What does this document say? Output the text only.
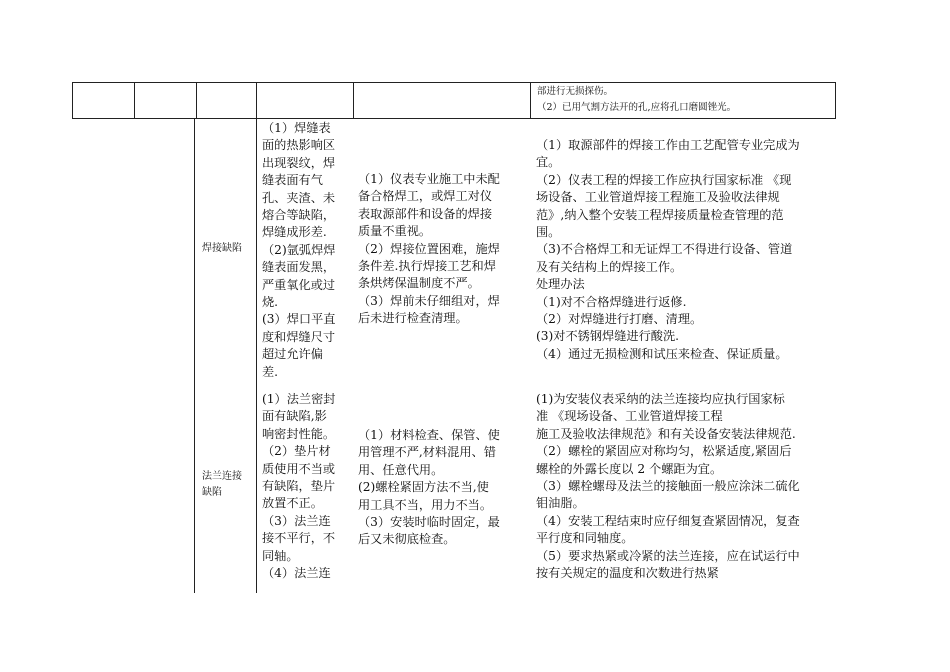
部进行无损探伤。
（2）已用气割方法开的孔,应将孔口磨圆锉光。
焊接缺陷
（1）焊缝表
面的热影响区
出现裂纹，焊
缝表面有气
孔、夹渣、未
熔合等缺陷，
焊缝成形差.
（2)氩弧焊焊
缝表面发黑，
严重氧化或过
烧.
(3）焊口平直
度和焊缝尺寸
超过允许偏
差.
（1）仪表专业施工中未配
备合格焊工，或焊工对仪
表取源部件和设备的焊接
质量不重视。
（2）焊接位置困难，施焊
条件差.执行焊接工艺和焊
条烘烤保温制度不严。
（3）焊前未仔细组对，焊
后未进行检查清理。
（1）取源部件的焊接工作由工艺配管专业完成为
宜。
（2）仪表工程的焊接工作应执行国家标准 《现
场设备、工业管道焊接工程施工及验收法律规
范》,纳入整个安装工程焊接质量检查管理的范
围。
（3)不合格焊工和无证焊工不得进行设备、管道
及有关结构上的焊接工作。
处理办法
（1)对不合格焊缝进行返修.
（2）对焊缝进行打磨、清理。
(3)对不锈钢焊缝进行酸洗.
（4）通过无损检测和试压来检查、保证质量。
法兰连接
缺陷
(1）法兰密封
面有缺陷,影
响密封性能。
（2）垫片材
质使用不当或
有缺陷，垫片
放置不正。
（3）法兰连
接不平行，不
同轴。
（4）法兰连
（1）材料检查、保管、使
用管理不严,材料混用、错
用、任意代用。
(2)螺栓紧固方法不当,使
用工具不当，用力不当。
（3）安装时临时固定，最
后又未彻底检查。
(1)为安装仪表采纳的法兰连接均应执行国家标
准 《现场设备、工业管道焊接工程
施工及验收法律规范》和有关设备安装法律规范.
（2）螺栓的紧固应对称均匀，松紧适度,紧固后
螺栓的外露长度以 2 个螺距为宜。
（3）螺栓螺母及法兰的接触面一般应涂沫二硫化
钼油脂。
（4）安装工程结束时应仔细复查紧固情况，复查
平行度和同轴度。
（5）要求热紧或冷紧的法兰连接，应在试运行中
按有关规定的温度和次数进行热紧
